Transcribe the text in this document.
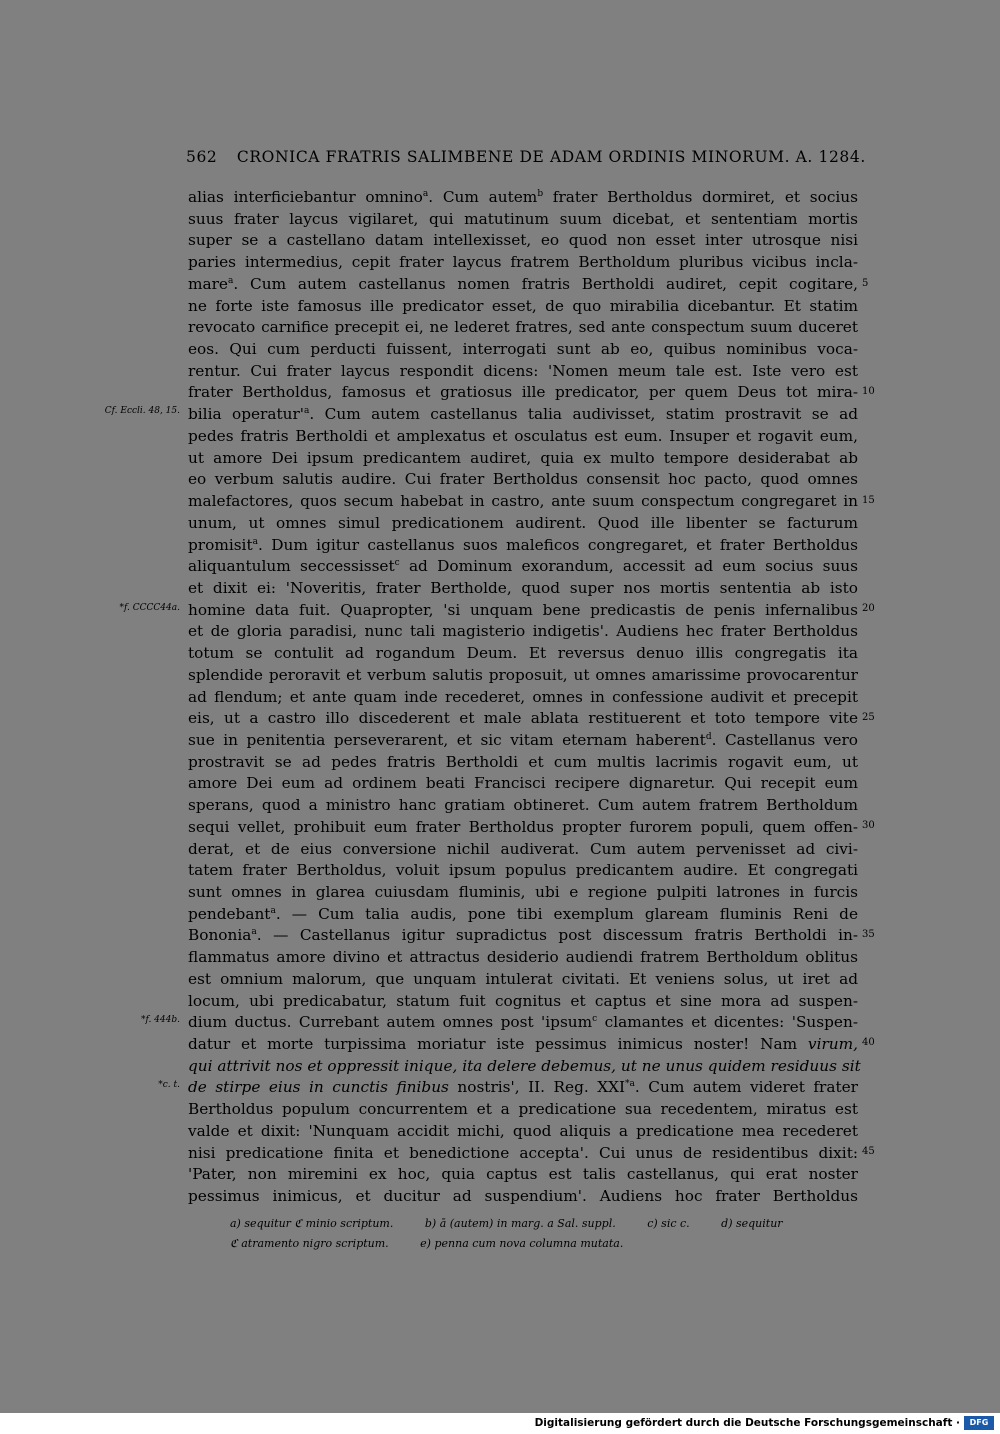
562 CRONICA FRATRIS SALIMBENE DE ADAM ORDINIS MINORUM. A. 1284.
alias interficiebantur omnino$^a$. Cum autem$^b$ frater Bertholdus dormiret, et socius
suus frater laycus vigilaret, qui matutinum suum dicebat, et sententiam mortis
super se a castellano datam intellexisset, eo quod non esset inter utrosque nisi
paries intermedius, cepit frater laycus fratrem Bertholdum pluribus vicibus incla-
mare$^a$. Cum autem castellanus nomen fratris Bertholdi audiret, cepit cogitare,
ne forte iste famosus ille predicator esset, de quo mirabilia dicebantur. Et statim
revocato carnifice precepit ei, ne lederet fratres, sed ante conspectum suum duceret
eos. Qui cum perducti fuissent, interrogati sunt ab eo, quibus nominibus voca-
rentur. Cui frater laycus respondit dicens: 'Nomen meum tale est. Iste vero est
frater Bertholdus, famosus et gratiosus ille predicator, per quem Deus tot mira-
bilia $operatur'^a$. Cum autem castellanus talia audivisset, statim prostravit se ad
pedes fratris Bertholdi et amplexatus et osculatus est eum. Insuper et rogavit eum,
ut amore Dei ipsum predicantem audiret, quia ex multo tempore desiderabat ab
eo verbum salutis audire. Cui frater Bertholdus consensit hoc pacto, quod omnes
malefactores, quos secum habebat in castro, ante suum conspectum congregaret in
unum, ut omnes simul predicationem audirent. Quod ille libenter se facturum
promisit$^a$. Dum igitur castellanus suos maleficos congregaret, et frater Bertholdus
aliquantulum seccessisset$^c$ ad Dominum exorandum, accessit ad eum socius suus
et dixit ei: 'Noveritis, frater Bertholde, quod super nos mortis sententia ab isto
homine data fuit. Quapropter, 'si unquam bene predicastis de penis infernalibus
et de gloria paradisi, nunc tali magisterio indigetis'. Audiens hec frater Bertholdus
totum se contulit ad rogandum Deum. Et reversus denuo illis congregatis ita
splendide peroravit et verbum salutis proposuit, ut omnes amarissime provocarentur
ad flendum; et ante quam inde recederet, omnes in confessione audivit et precepit
eis, ut a castro illo discederent et male ablata restituerent et toto tempore vite
sue in penitentia perseverarent, et sic vitam eternam haberent$^d$. Castellanus vero
prostravit se ad pedes fratris Bertholdi et cum multis lacrimis rogavit eum, ut
amore Dei eum ad ordinem beati Francisci recipere dignaretur. Qui recepit eum
sperans, quod a ministro hanc gratiam obtineret. Cum autem fratrem Bertholdum
sequi vellet, prohibuit eum frater Bertholdus propter furorem populi, quem offen-
derat, et de eius conversione nichil audiverat. Cum autem pervenisset ad civi-
tatem frater Bertholdus, voluit ipsum populus predicantem audire. Et congregati
sunt omnes in glarea cuiusdam fluminis, ubi e regione pulpiti latrones in furcis
pendebant$^a$. — Cum talia audis, pone tibi exemplum glaream fluminis Reni de
Bononia$^a$. — Castellanus igitur supradictus post discessum fratris Bertholdi in-
flammatus amore divino et attractus desiderio audiendi fratrem Bertholdum oblitus
est omnium malorum, que unquam intulerat civitati. Et veniens solus, ut iret ad
locum, ubi predicabatur, statum fuit cognitus et captus et sine mora ad suspen-
dium ductus. Currebant autem omnes post 'ipsum$^c$ clamantes et dicentes: 'Suspen-
datur et morte turpissima moriatur iste pessimus inimicus noster! Nam virum,
qui attrivit nos et oppressit inique, ita delere debemus, ut ne unus quidem residuus sit
de stirpe eius in cunctis finibus nostris', II. Reg. XXI$^{*a}$. Cum autem videret frater
Bertholdus populum concurrentem et a predicatione sua recedentem, miratus est
valde et dixit: 'Nunquam accidit michi, quod aliquis a predicatione mea recederet
nisi predicatione finita et benedictione accepta'. Cui unus de residentibus dixit:
'Pater, non miremini ex hoc, quia captus est talis castellanus, qui erat noster
pessimus inimicus, et ducitur ad suspendium'. Audiens hoc frater Bertholdus
5
10
15
20
25
30
35
40
45
Cf. Eccli. 48, 15.
*f. CCCC44a.
*f. 444b.
*c. t.
a) sequitur ℭ minio scriptum.	b) ā (autem) in marg. a Sal. suppl.	c) sic c.	d) sequitur
ℭ atramento nigro scriptum.	e) penna cum nova columna mutata.
Digitalisierung gefördert durch die Deutsche Forschungsgemeinschaft ·	DFG
